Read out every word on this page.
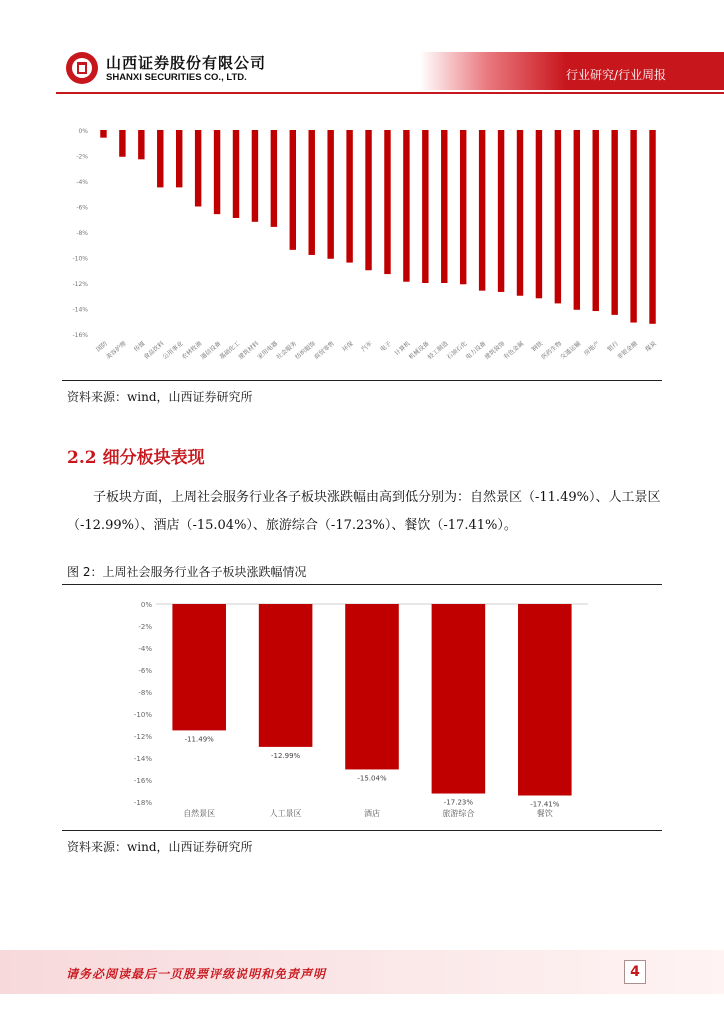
山西证券股份有限公司
SHANXI SECURITIES CO., LTD.	行业研究/行业周报
0%
-2%
-4%
-6%
-8%
-10%
-12%
-14%
-16%
国防
美容护理 传媒
食品饮料
公用事业
农林牧渔
通信设备
基础化工
建筑材料
家用电器
社会服务
纺织服饰
商贸零售 环保 汽车 电子 计算机
机械设备
轻工制造
石油石化
电力设备
建筑装饰
有色金属 钢铁
医药生物
交通运输 房地产 银行
非银金融 煤炭
资料来源：wind，山西证券研究所
2.2 细分板块表现
子板块方面，上周社会服务行业各子板块涨跌幅由高到低分别为：自然景区（-11.49%）、人工景区（-12.99%）、酒店（-15.04%）、旅游综合（-17.23%）、餐饮（-17.41%）。
图 2：上周社会服务行业各子板块涨跌幅情况
0%
-2%
-4%
-6%
-8%
-10%
-12%
-14%
-16%
-18%
-11.49%
自然景区
-12.99%
人工景区
-15.04%
酒店
-17.23%
旅游综合
-17.41%
餐饮
资料来源：wind，山西证券研究所
请务必阅读最后一页股票评级说明和免责声明	4
